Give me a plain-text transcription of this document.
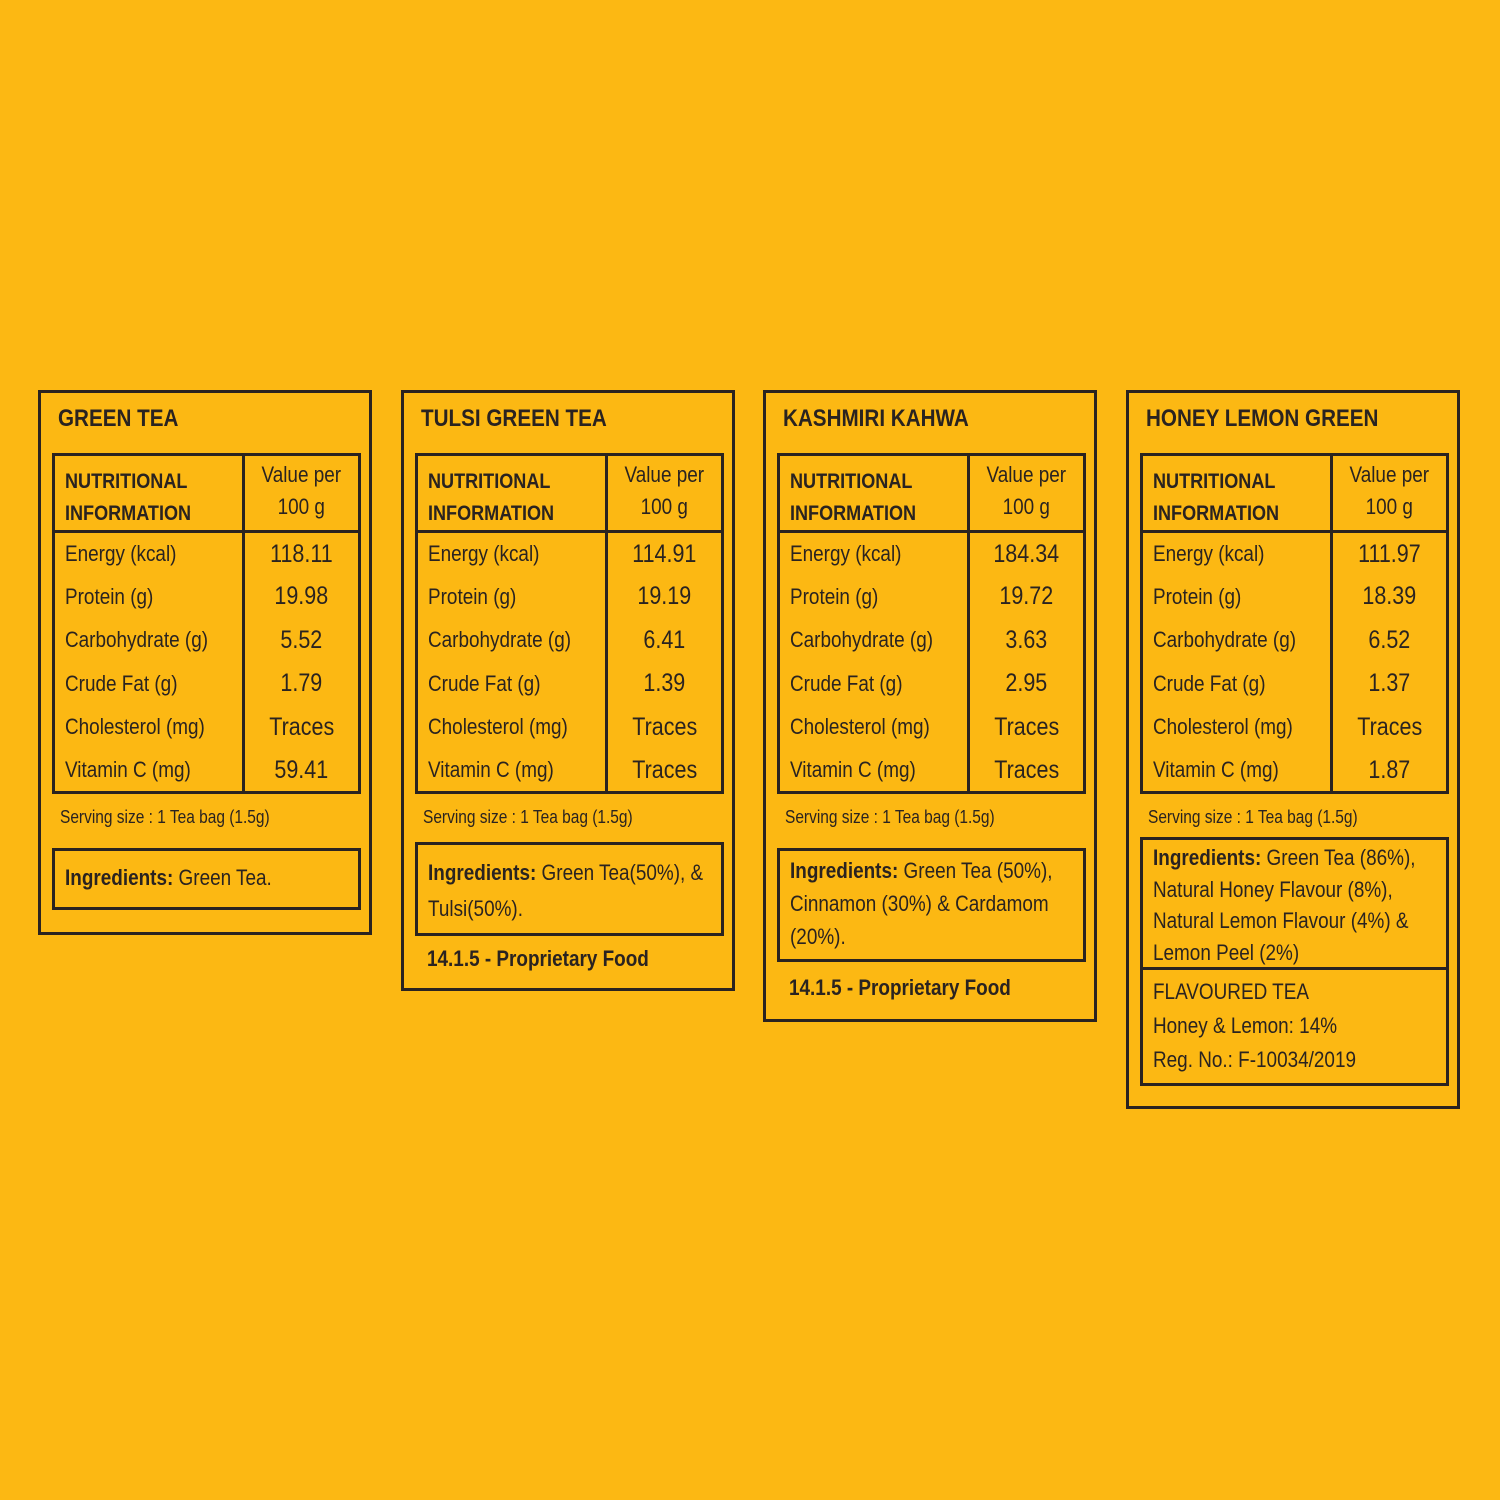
GREEN TEA
NUTRITIONAL
INFORMATION	Value per
100 g
Energy (kcal)	118.11
Protein (g)	19.98
Carbohydrate (g)	5.52
Crude Fat (g)	1.79
Cholesterol (mg)	Traces
Vitamin C (mg)	59.41
Serving size : 1 Tea bag (1.5g)
Ingredients: Green Tea.
TULSI GREEN TEA
NUTRITIONAL
INFORMATION	Value per
100 g
Energy (kcal)	114.91
Protein (g)	19.19
Carbohydrate (g)	6.41
Crude Fat (g)	1.39
Cholesterol (mg)	Traces
Vitamin C (mg)	Traces
Serving size : 1 Tea bag (1.5g)
Ingredients: Green Tea(50%), & Tulsi(50%).
14.1.5 - Proprietary Food
KASHMIRI KAHWA
NUTRITIONAL
INFORMATION	Value per
100 g
Energy (kcal)	184.34
Protein (g)	19.72
Carbohydrate (g)	3.63
Crude Fat (g)	2.95
Cholesterol (mg)	Traces
Vitamin C (mg)	Traces
Serving size : 1 Tea bag (1.5g)
Ingredients: Green Tea (50%), Cinnamon (30%) & Cardamom (20%).
14.1.5 - Proprietary Food
HONEY LEMON GREEN
NUTRITIONAL
INFORMATION	Value per
100 g
Energy (kcal)	111.97
Protein (g)	18.39
Carbohydrate (g)	6.52
Crude Fat (g)	1.37
Cholesterol (mg)	Traces
Vitamin C (mg)	1.87
Serving size : 1 Tea bag (1.5g)
Ingredients: Green Tea (86%), Natural Honey Flavour (8%), Natural Lemon Flavour (4%) & Lemon Peel (2%)
FLAVOURED TEA
Honey & Lemon: 14%
Reg. No.: F-10034/2019
